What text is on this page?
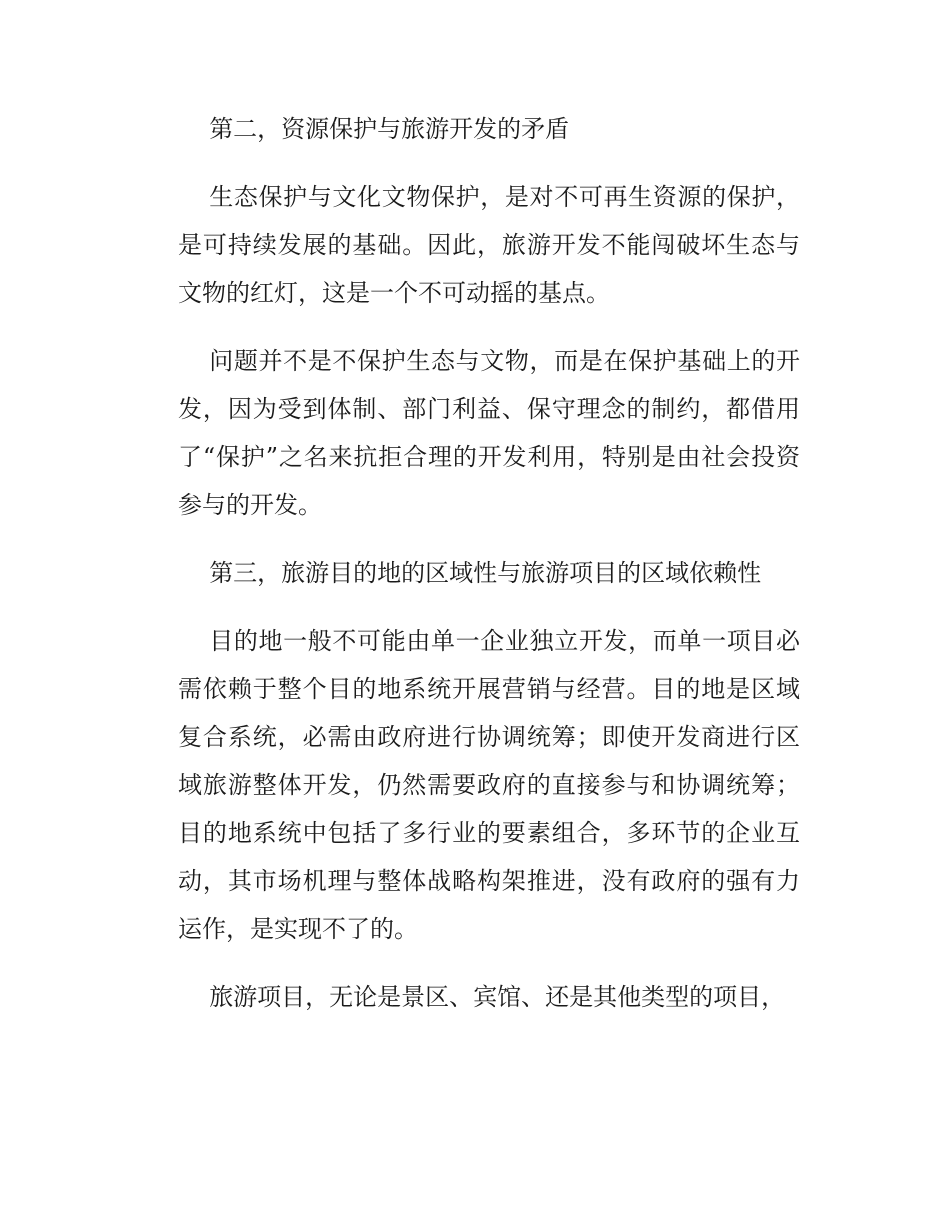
第二，资源保护与旅游开发的矛盾

生态保护与文化文物保护，是对不可再生资源的保护，是可持续发展的基础。因此，旅游开发不能闯破坏生态与文物的红灯，这是一个不可动摇的基点。

问题并不是不保护生态与文物，而是在保护基础上的开发，因为受到体制、部门利益、保守理念的制约，都借用了“保护”之名来抗拒合理的开发利用，特别是由社会投资参与的开发。

第三，旅游目的地的区域性与旅游项目的区域依赖性

目的地一般不可能由单一企业独立开发，而单一项目必需依赖于整个目的地系统开展营销与经营。目的地是区域复合系统，必需由政府进行协调统筹；即使开发商进行区域旅游整体开发，仍然需要政府的直接参与和协调统筹；目的地系统中包括了多行业的要素组合，多环节的企业互动，其市场机理与整体战略构架推进，没有政府的强有力运作，是实现不了的。

旅游项目，无论是景区、宾馆、还是其他类型的项目，
